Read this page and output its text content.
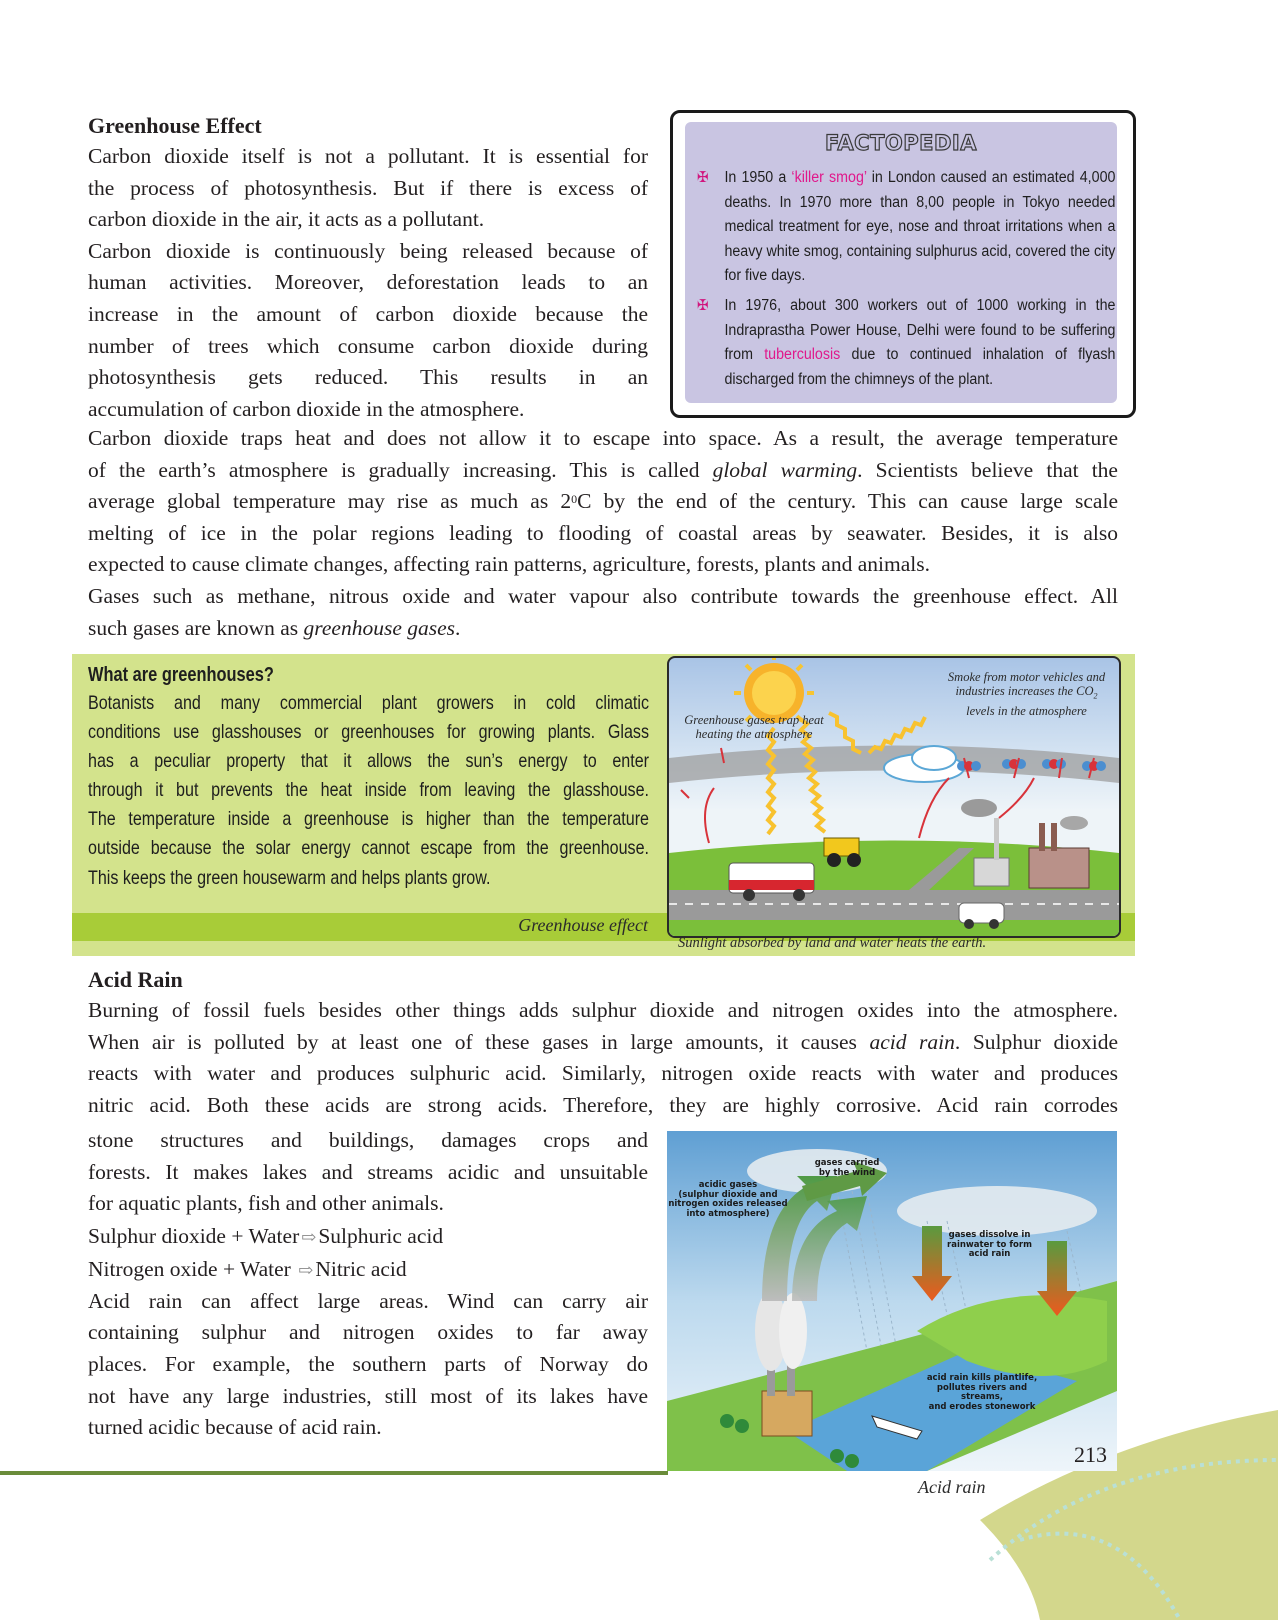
Greenhouse Effect
Carbon dioxide itself is not a pollutant. It is essential for
the process of photosynthesis. But if there is excess of
carbon dioxide in the air, it acts as a pollutant.
Carbon dioxide is continuously being released because of
human activities. Moreover, deforestation leads to an
increase in the amount of carbon dioxide because the
number of trees which consume carbon dioxide during
photosynthesis gets reduced. This results in an
accumulation of carbon dioxide in the atmosphere.
FACTOPEDIA
✠ In 1950 a ‘killer smog’ in London caused an estimated 4,000 deaths. In 1970 more than 8,00 people in Tokyo needed medical treatment for eye, nose and throat irritations when a heavy white smog, containing sulphurus acid, covered the city for five days.
✠ In 1976, about 300 workers out of 1000 working in the Indraprastha Power House, Delhi were found to be suffering from tuberculosis due to continued inhalation of flyash discharged from the chimneys of the plant.
Carbon dioxide traps heat and does not allow it to escape into space. As a result, the average temperature
of the earth’s atmosphere is gradually increasing. This is called global warming. Scientists believe that the
average global temperature may rise as much as $2^0C$ by the end of the century. This can cause large scale
melting of ice in the polar regions leading to flooding of coastal areas by seawater. Besides, it is also
expected to cause climate changes, affecting rain patterns, agriculture, forests, plants and animals.
Gases such as methane, nitrous oxide and water vapour also contribute towards the greenhouse effect. All
such gases are known as greenhouse gases.
What are greenhouses?
Botanists and many commercial plant growers in cold climatic
conditions use glasshouses or greenhouses for growing plants. Glass
has a peculiar property that it allows the sun’s energy to enter
through it but prevents the heat inside from leaving the glasshouse.
The temperature inside a greenhouse is higher than the temperature
outside because the solar energy cannot escape from the greenhouse.
This keeps the green housewarm and helps plants grow.
Greenhouse effect
Greenhouse gases trap heat
heating the atmosphere
Smoke from motor vehicles and
industries increases the $CO_2$
levels in the atmosphere
Sunlight absorbed by land and water heats the earth.
Acid Rain
Burning of fossil fuels besides other things adds sulphur dioxide and nitrogen oxides into the atmosphere.
When air is polluted by at least one of these gases in large amounts, it causes acid rain. Sulphur dioxide
reacts with water and produces sulphuric acid. Similarly, nitrogen oxide reacts with water and produces
nitric acid. Both these acids are strong acids. Therefore, they are highly corrosive. Acid rain corrodes
stone structures and buildings, damages crops and
forests. It makes lakes and streams acidic and unsuitable
for aquatic plants, fish and other animals.
Sulphur dioxide + Water ⇨Sulphuric acid
Nitrogen oxide + Water ⇨Nitric acid
Acid rain can affect large areas. Wind can carry air
containing sulphur and nitrogen oxides to far away
places. For example, the southern parts of Norway do
not have any large industries, still most of its lakes have
turned acidic because of acid rain.
acidic gases
(sulphur dioxide and
nitrogen oxides released
into atmosphere)
gases carried
by the wind
gases dissolve in
rainwater to form
acid rain
acid rain kills plantlife,
pollutes rivers and streams,
and erodes stonework
Acid rain
213
